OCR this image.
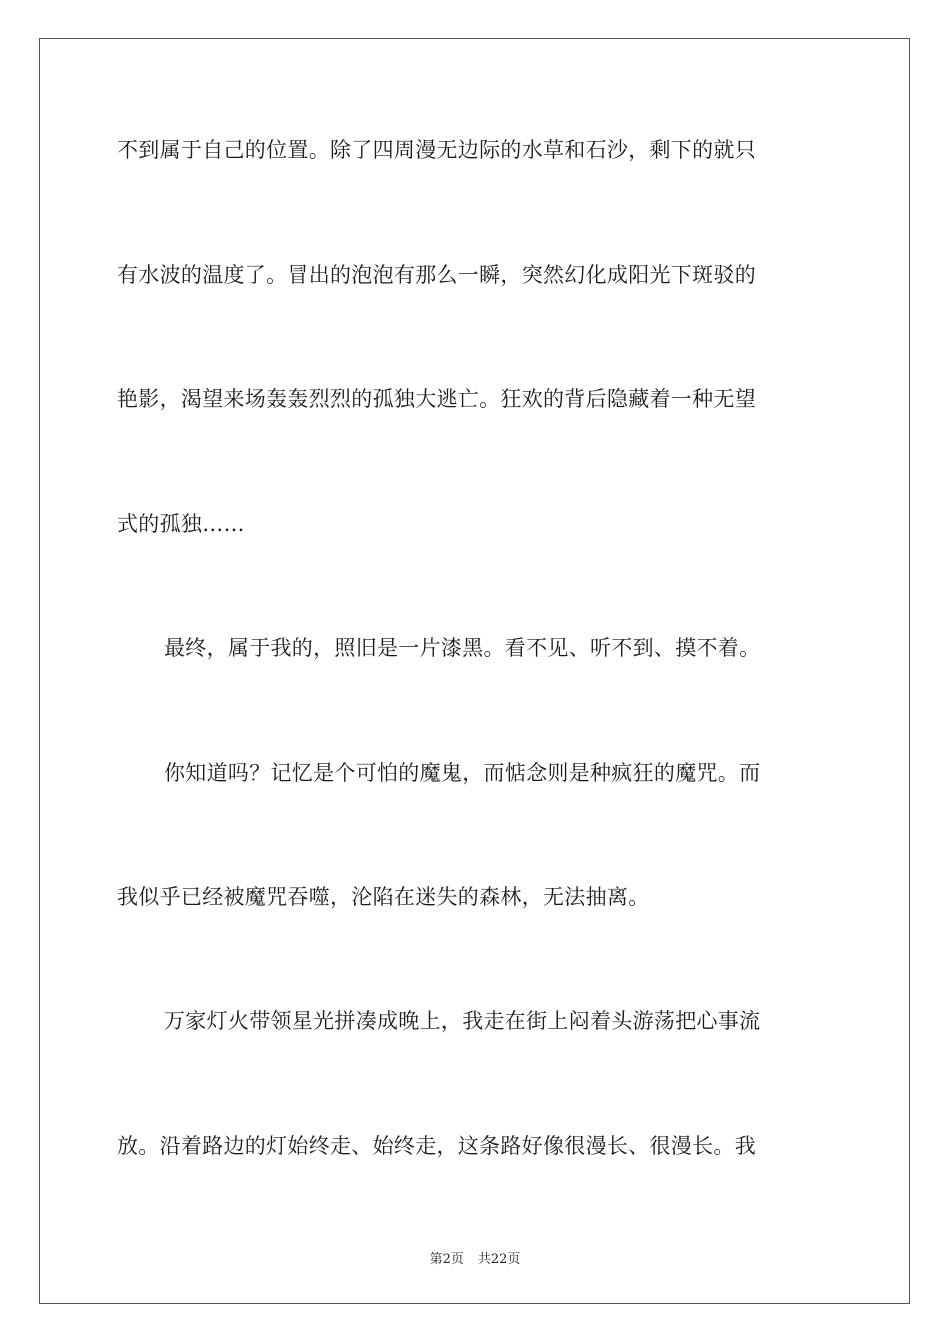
不到属于自己的位置。除了四周漫无边际的水草和石沙，剩下的就只
有水波的温度了。冒出的泡泡有那么一瞬，突然幻化成阳光下斑驳的
艳影，渴望来场轰轰烈烈的孤独大逃亡。狂欢的背后隐藏着一种无望
式的孤独……
最终，属于我的，照旧是一片漆黑。看不见、听不到、摸不着。
你知道吗？记忆是个可怕的魔鬼，而惦念则是种疯狂的魔咒。而
我似乎已经被魔咒吞噬，沦陷在迷失的森林，无法抽离。
万家灯火带领星光拼凑成晚上，我走在街上闷着头游荡把心事流
放。沿着路边的灯始终走、始终走，这条路好像很漫长、很漫长。我
第2页 共22页
